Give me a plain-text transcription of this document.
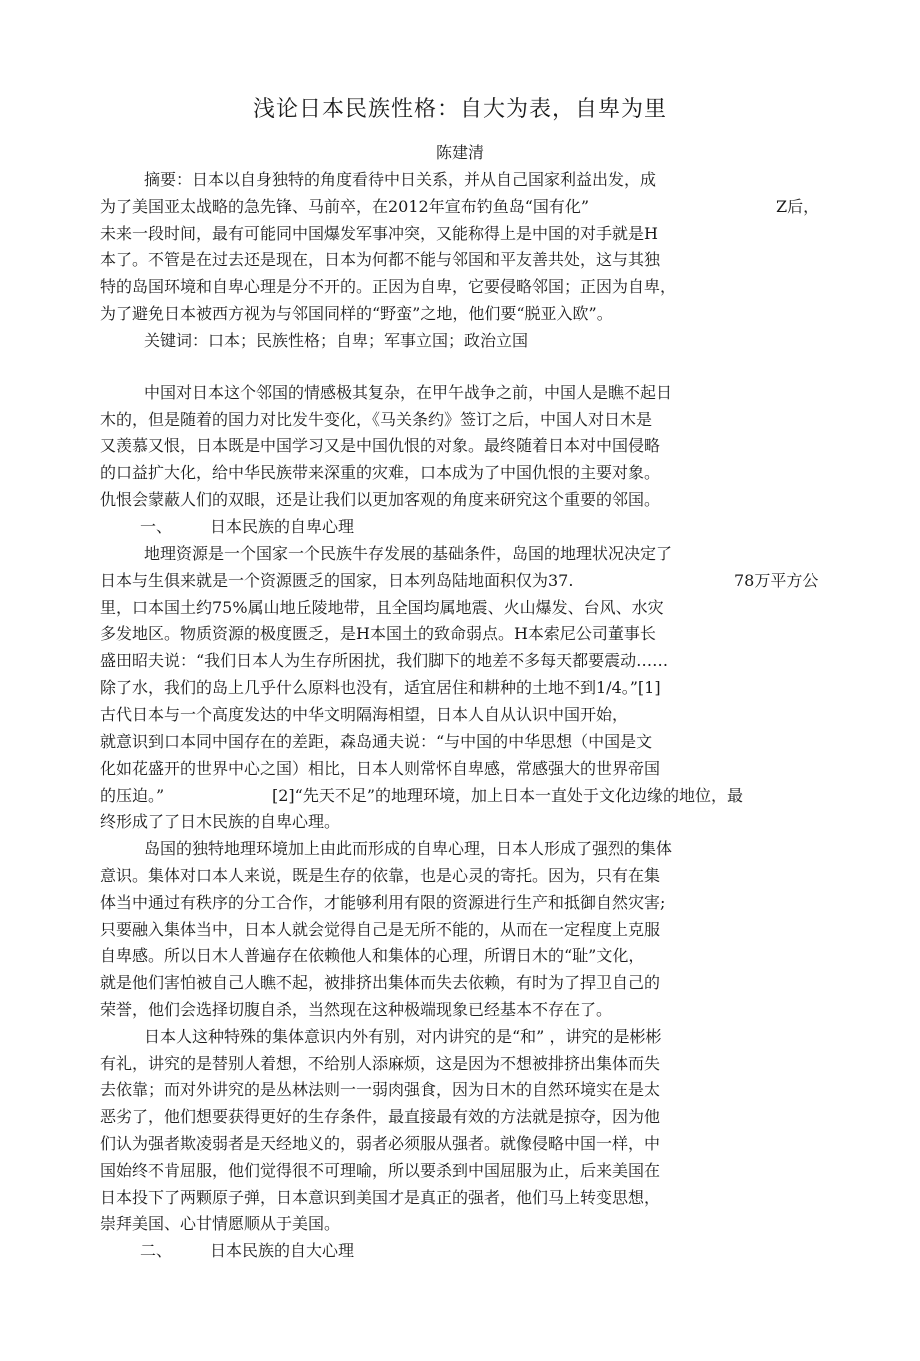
浅论日本民族性格：自大为表，自卑为里
陈建清
摘要：日本以自身独特的角度看待中日关系，并从自己国家利益出发，成
为了美国亚太战略的急先锋、马前卒，在2012年宣布钓鱼岛“国有化”	Z后，
未来一段时间，最有可能同中国爆发军事冲突，又能称得上是中国的对手就是H
本了。不管是在过去还是现在，日本为何都不能与邻国和平友善共处，这与其独
特的岛国环境和自卑心理是分不开的。正因为自卑，它要侵略邻国；正因为自卑，
为了避免日本被西方视为与邻国同样的“野蛮”之地，他们要“脱亚入欧”。
关键词：口本；民族性格；自卑；军事立国；政治立国
中国对日本这个邻国的情感极其复杂，在甲午战争之前，中国人是瞧不起日
木的，但是随着的国力对比发牛变化，《马关条约》签订之后，中国人对日木是
又羡慕又恨，日本既是中国学习又是中国仇恨的对象。最终随着日本对中国侵略
的口益扩大化，给中华民族带来深重的灾难，口本成为了中国仇恨的主要对象。
仇恨会蒙蔽人们的双眼，还是让我们以更加客观的角度来研究这个重要的邻国。
一、 日本民族的自卑心理
地理资源是一个国家一个民族牛存发展的基础条件，岛国的地理状况决定了
日本与生俱来就是一个资源匮乏的国家，日本列岛陆地面积仅为37.	78万平方公
里，口本国土约75%属山地丘陵地带，且全国均属地震、火山爆发、台风、水灾
多发地区。物质资源的极度匮乏，是H本国土的致命弱点。H本索尼公司董事长
盛田昭夫说：“我们日本人为生存所困扰，我们脚下的地差不多每天都要震动……
除了水，我们的岛上几乎什么原料也没有，适宜居住和耕种的土地不到1/4。”[1]
古代日本与一个高度发达的中华文明隔海相望，日本人自从认识中国开始，
就意识到口本同中国存在的差距，森岛通夫说：“与中国的中华思想（中国是文
化如花盛开的世界中心之国）相比，日本人则常怀自卑感，常感强大的世界帝国
的压迫。”	[2]“先天不足”的地理环境，加上日本一直处于文化边缘的地位，最
终形成了了日木民族的自卑心理。
岛国的独特地理环境加上由此而形成的自卑心理，日本人形成了强烈的集体
意识。集体对口本人来说，既是生存的依靠，也是心灵的寄托。因为，只有在集
体当中通过有秩序的分工合作，才能够利用有限的资源进行生产和抵御自然灾害;
只要融入集体当中，日本人就会觉得自己是无所不能的，从而在一定程度上克服
自卑感。所以日木人普遍存在依赖他人和集体的心理，所谓日木的“耻”文化，
就是他们害怕被自己人瞧不起，被排挤出集体而失去依赖，有时为了捍卫自己的
荣誉，他们会选择切腹自杀，当然现在这种极端现象已经基本不存在了。
日本人这种特殊的集体意识内外有别，对内讲究的是“和” ，讲究的是彬彬
有礼，讲究的是替别人着想，不给别人添麻烦，这是因为不想被排挤出集体而失
去依靠；而对外讲究的是丛林法则一一弱肉强食，因为日木的自然环境实在是太
恶劣了，他们想要获得更好的生存条件，最直接最有效的方法就是掠夺，因为他
们认为强者欺凌弱者是天经地义的，弱者必须服从强者。就像侵略中国一样，中
国始终不肯屈服，他们觉得很不可理喻，所以要杀到中国屈服为止，后来美国在
日本投下了两颗原子弹，日本意识到美国才是真正的强者，他们马上转变思想，
崇拜美国、心甘情愿顺从于美国。
二、 日本民族的自大心理
